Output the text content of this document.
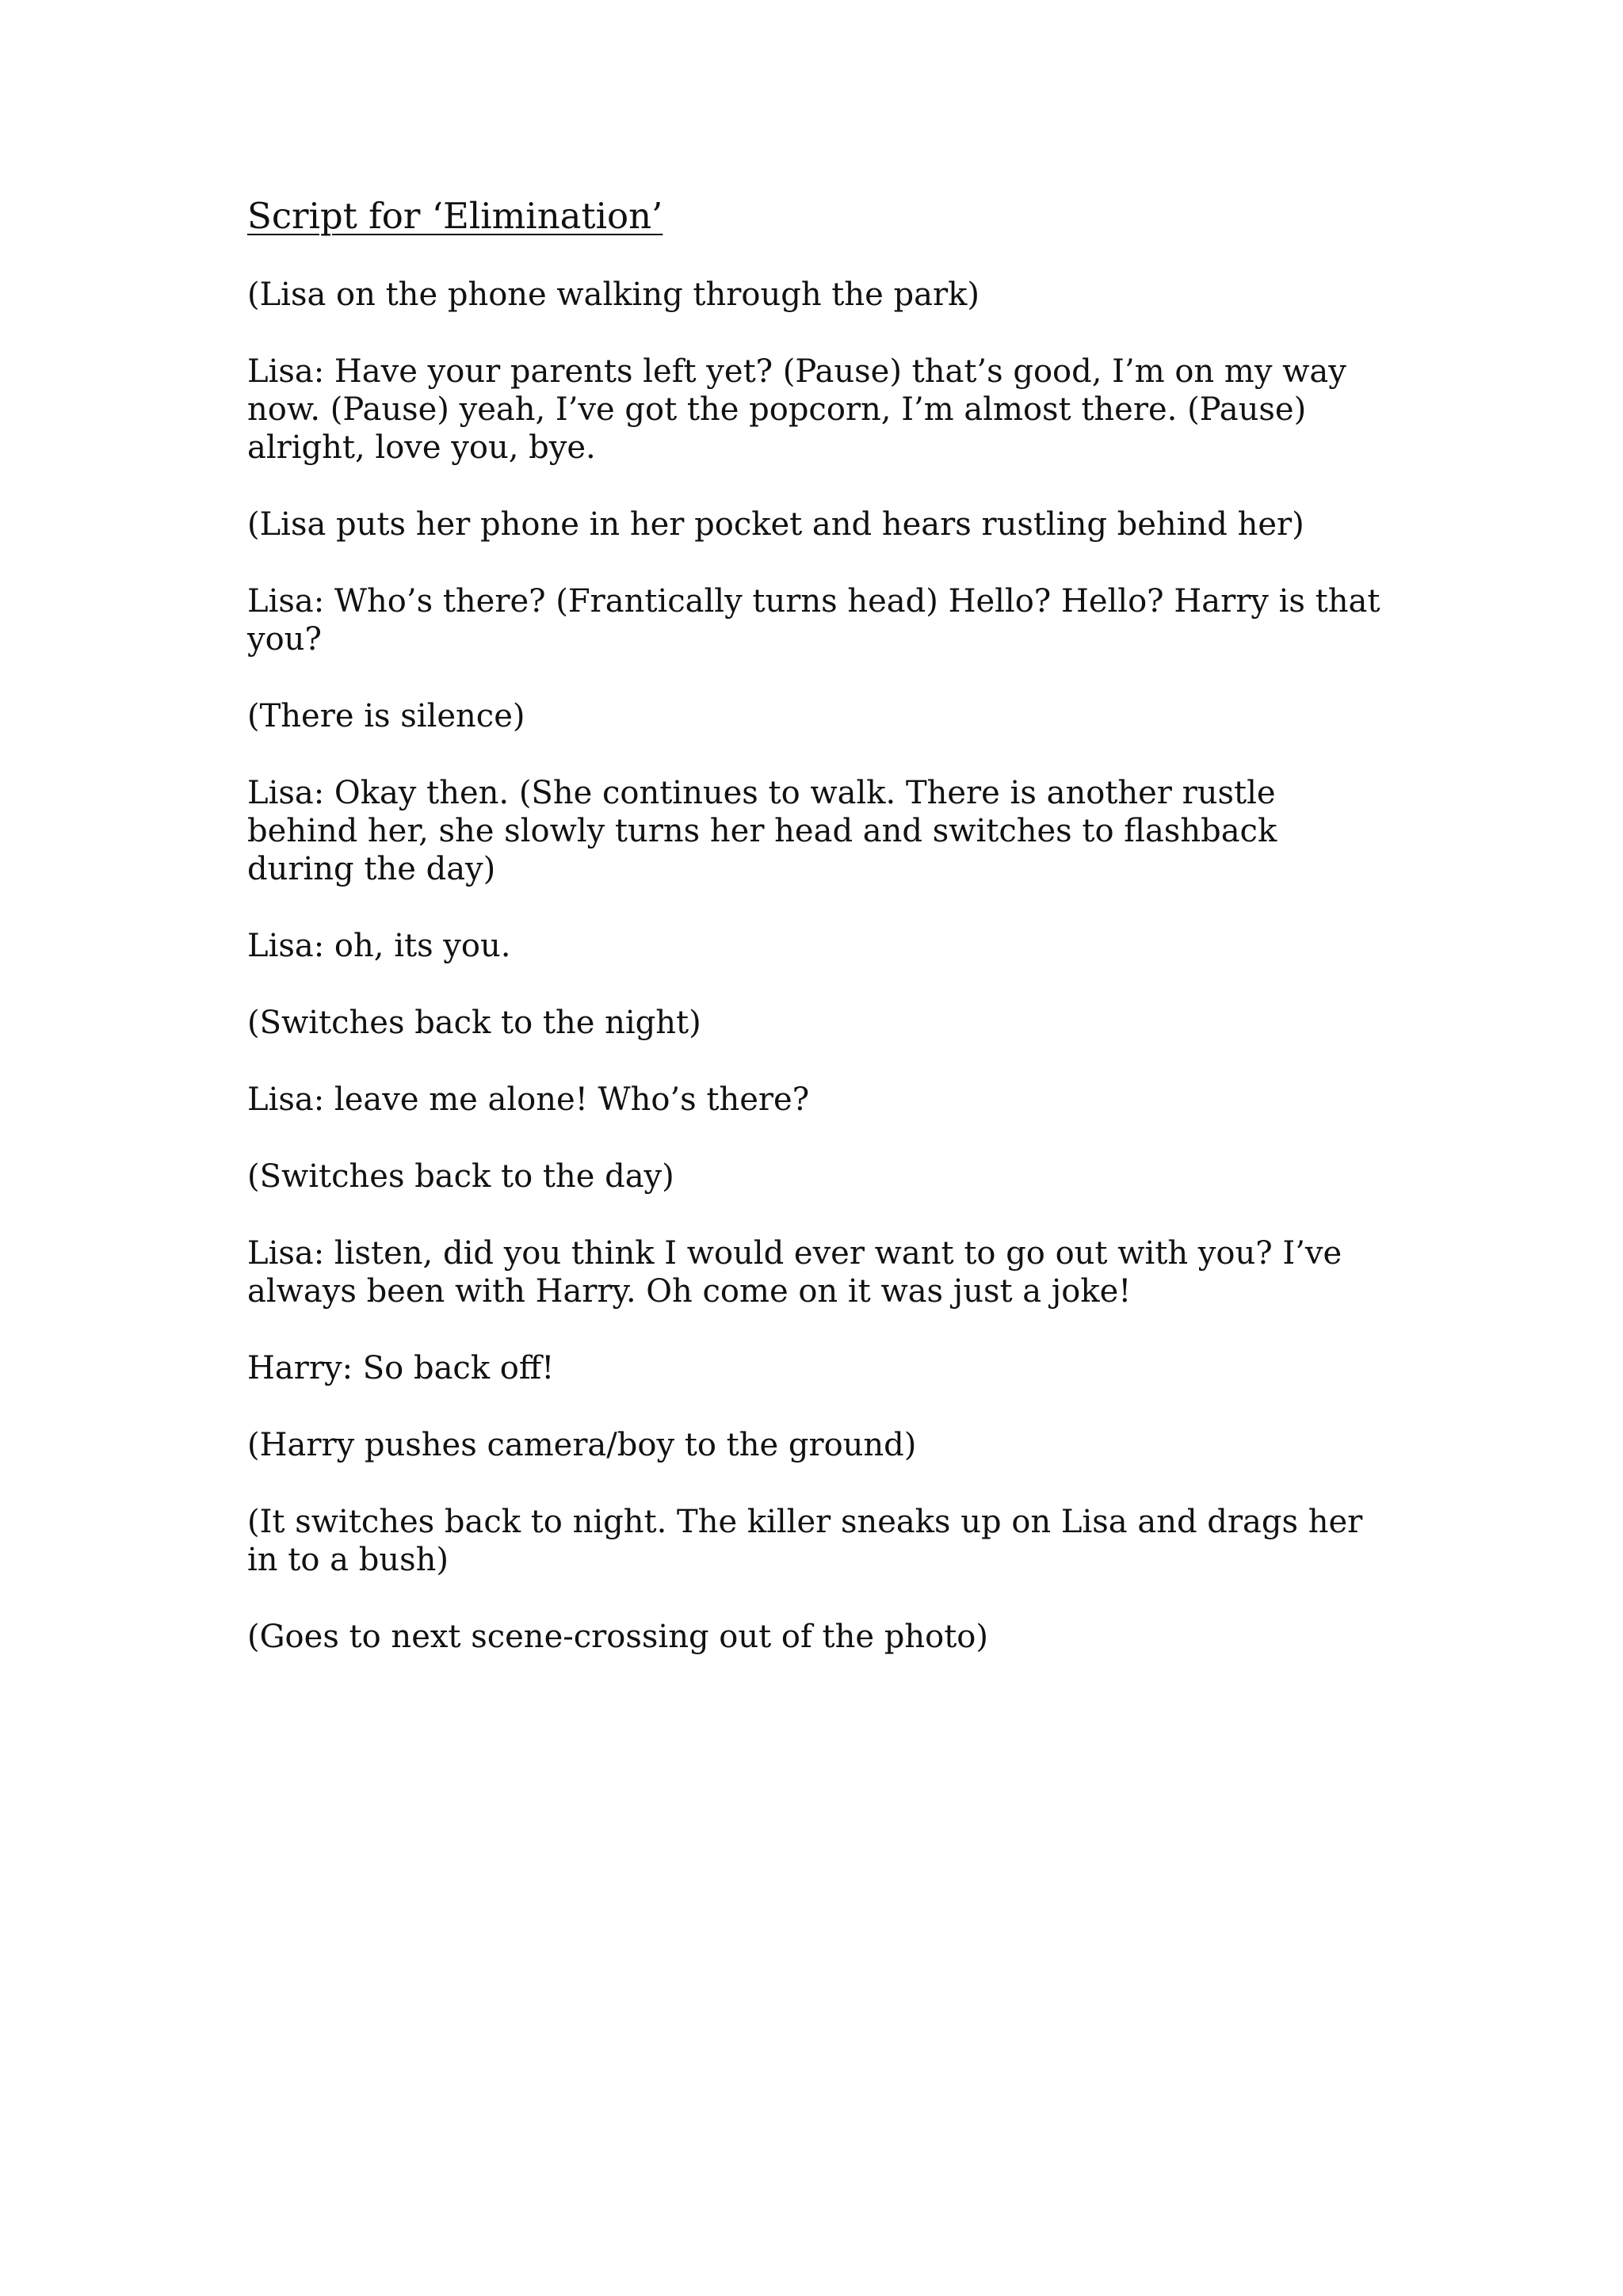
Script for ‘Elimination’

(Lisa on the phone walking through the park)

Lisa: Have your parents left yet? (Pause) that’s good, I’m on my way now. (Pause) yeah, I’ve got the popcorn, I’m almost there. (Pause) alright, love you, bye.

(Lisa puts her phone in her pocket and hears rustling behind her)

Lisa: Who’s there? (Frantically turns head) Hello? Hello? Harry is that you?

(There is silence)

Lisa: Okay then. (She continues to walk. There is another rustle behind her, she slowly turns her head and switches to flashback during the day)

Lisa: oh, its you.

(Switches back to the night)

Lisa: leave me alone! Who’s there?

(Switches back to the day)

Lisa: listen, did you think I would ever want to go out with you? I’ve always been with Harry. Oh come on it was just a joke!

Harry: So back off!

(Harry pushes camera/boy to the ground)

(It switches back to night. The killer sneaks up on Lisa and drags her in to a bush)

(Goes to next scene-crossing out of the photo)
